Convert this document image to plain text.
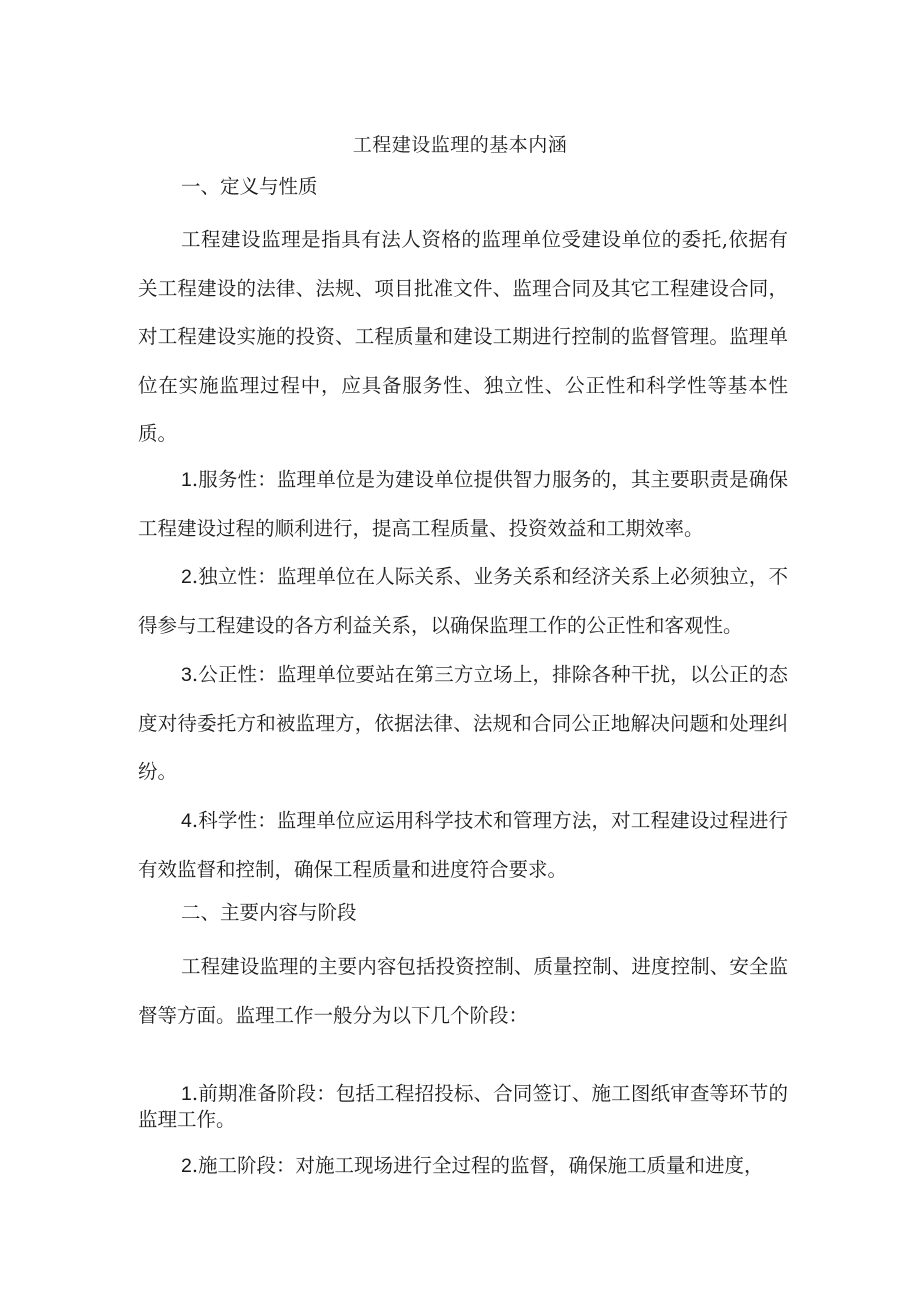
工程建设监理的基本内涵
一、定义与性质
工程建设监理是指具有法人资格的监理单位受建设单位的委托,依据有关工程建设的法律、法规、项目批准文件、监理合同及其它工程建设合同，对工程建设实施的投资、工程质量和建设工期进行控制的监督管理。监理单位在实施监理过程中，应具备服务性、独立性、公正性和科学性等基本性质。
1.服务性：监理单位是为建设单位提供智力服务的，其主要职责是确保工程建设过程的顺利进行，提高工程质量、投资效益和工期效率。
2.独立性：监理单位在人际关系、业务关系和经济关系上必须独立，不得参与工程建设的各方利益关系，以确保监理工作的公正性和客观性。
3.公正性：监理单位要站在第三方立场上，排除各种干扰，以公正的态度对待委托方和被监理方，依据法律、法规和合同公正地解决问题和处理纠纷。
4.科学性：监理单位应运用科学技术和管理方法，对工程建设过程进行有效监督和控制，确保工程质量和进度符合要求。
二、主要内容与阶段
工程建设监理的主要内容包括投资控制、质量控制、进度控制、安全监督等方面。监理工作一般分为以下几个阶段：
1.前期准备阶段：包括工程招投标、合同签订、施工图纸审查等环节的监理工作。
2.施工阶段：对施工现场进行全过程的监督，确保施工质量和进度，
